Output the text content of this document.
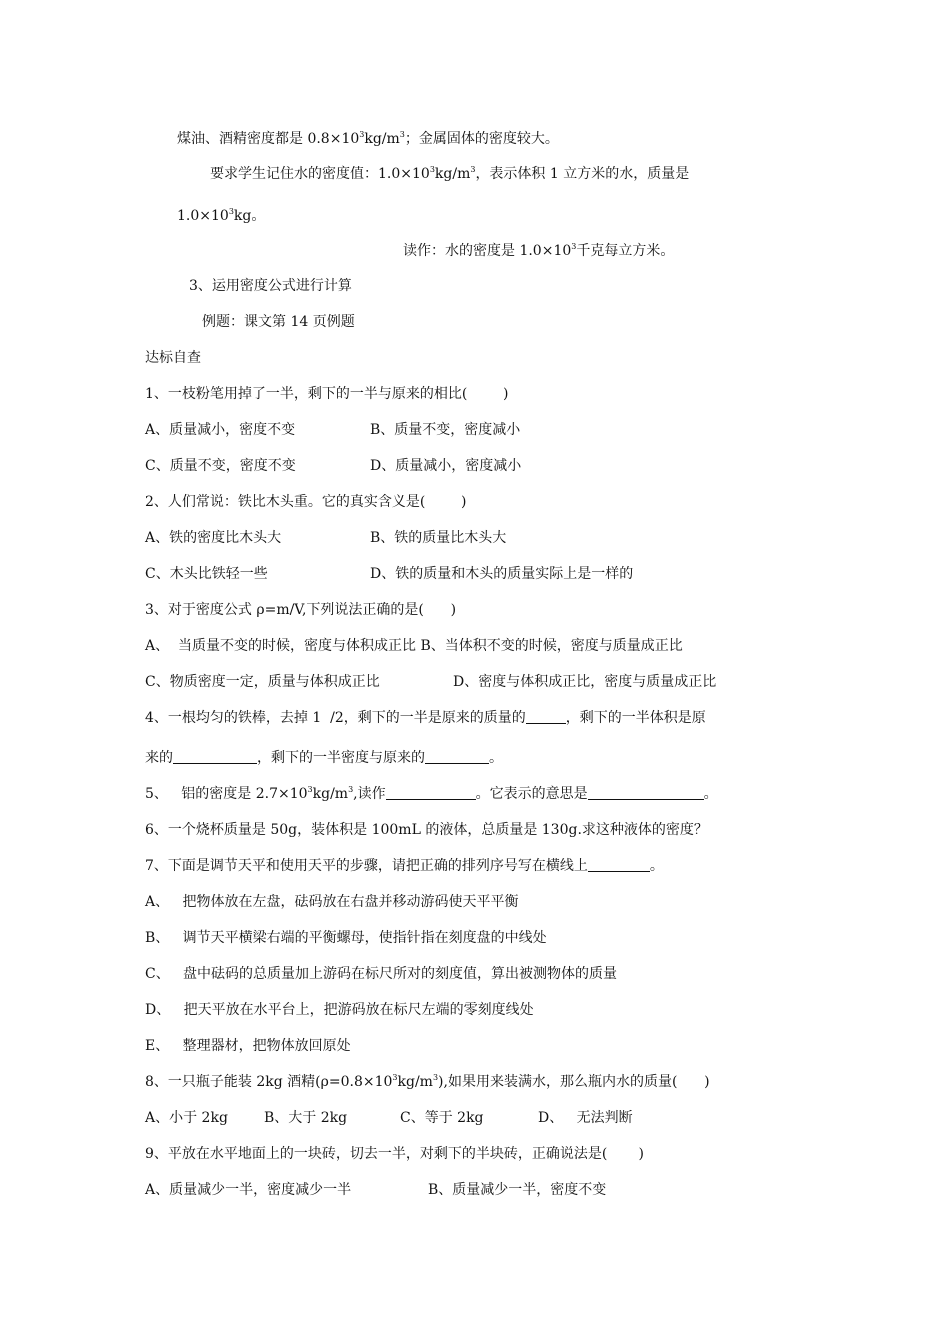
煤油、酒精密度都是 $0.8\times 10^3kg/m^3$；金属固体的密度较大。
要求学生记住水的密度值：$1.0\times 10^3kg/m^3$，表示体积 1 立方米的水，质量是
$1.0\times 10^3kg$。
读作：水的密度是 $1.0\times 10^3$千克每立方米。
3、运用密度公式进行计算
例题：课文第 14 页例题
达标自查
1、一枝粉笔用掉了一半，剩下的一半与原来的相比(        )
A、质量减小，密度不变	B、质量不变，密度减小
C、质量不变，密度不变	D、质量减小，密度减小
2、人们常说：铁比木头重。它的真实含义是(        )
A、铁的密度比木头大	B、铁的质量比木头大
C、木头比铁轻一些	D、铁的质量和木头的质量实际上是一样的
3、对于密度公式 ρ=m/V,下列说法正确的是(      )
A、  当质量不变的时候，密度与体积成正比 B、当体积不变的时候，密度与质量成正比
C、物质密度一定，质量与体积成正比	D、密度与体积成正比，密度与质量成正比
4、一根均匀的铁棒，去掉 1  /2，剩下的一半是原来的质量的	，剩下的一半体积是原
来的	，剩下的一半密度与原来的	。
5、   铝的密度是 $2.7\times 10^3kg/m^3$,读作	。它表示的意思是	。
6、一个烧杯质量是 50g，装体积是 100mL 的液体，总质量是 130g.求这种液体的密度？
7、下面是调节天平和使用天平的步骤，请把正确的排列序号写在横线上	。
A、   把物体放在左盘，砝码放在右盘并移动游码使天平平衡
B、   调节天平横梁右端的平衡螺母，使指针指在刻度盘的中线处
C、   盘中砝码的总质量加上游码在标尺所对的刻度值，算出被测物体的质量
D、   把天平放在水平台上，把游码放在标尺左端的零刻度线处
E、   整理器材，把物体放回原处
8、一只瓶子能装 2kg 酒精$(\rho=0.8\times 10^3kg/m^3)$,如果用来装满水，那么瓶内水的质量(      )
A、小于 2kg	B、大于 2kg	C、等于 2kg	D、   无法判断
9、平放在水平地面上的一块砖，切去一半，对剩下的半块砖，正确说法是(       )
A、质量减少一半，密度减少一半	B、质量减少一半，密度不变
